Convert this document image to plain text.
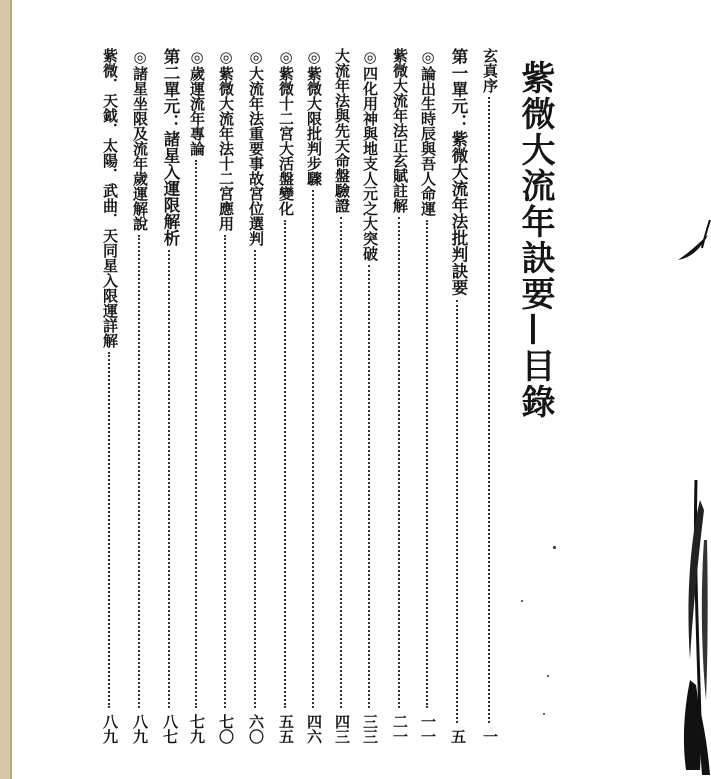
紫微大流年訣要—目錄
玄真序
一
第一單元：紫微大流年法批判訣要
五
◎論出生時辰與吾人命運
一一
紫微大流年法正玄賦註解
二一
◎四化用神與地支人元之大突破
三三
大流年法與先天命盤驗證
四三
◎紫微大限批判步驟
四六
◎紫微十二宮大活盤變化
五五
◎大流年法重要事故宮位選判
六〇
◎紫微大流年法十二宮應用
七〇
◎歲運流年專論
七九
第二單元：諸星入運限解析
八七
◎諸星坐限及流年歲運解說
八九
紫微．天鉞．太陽．武曲．天同星入限運詳解
八九
